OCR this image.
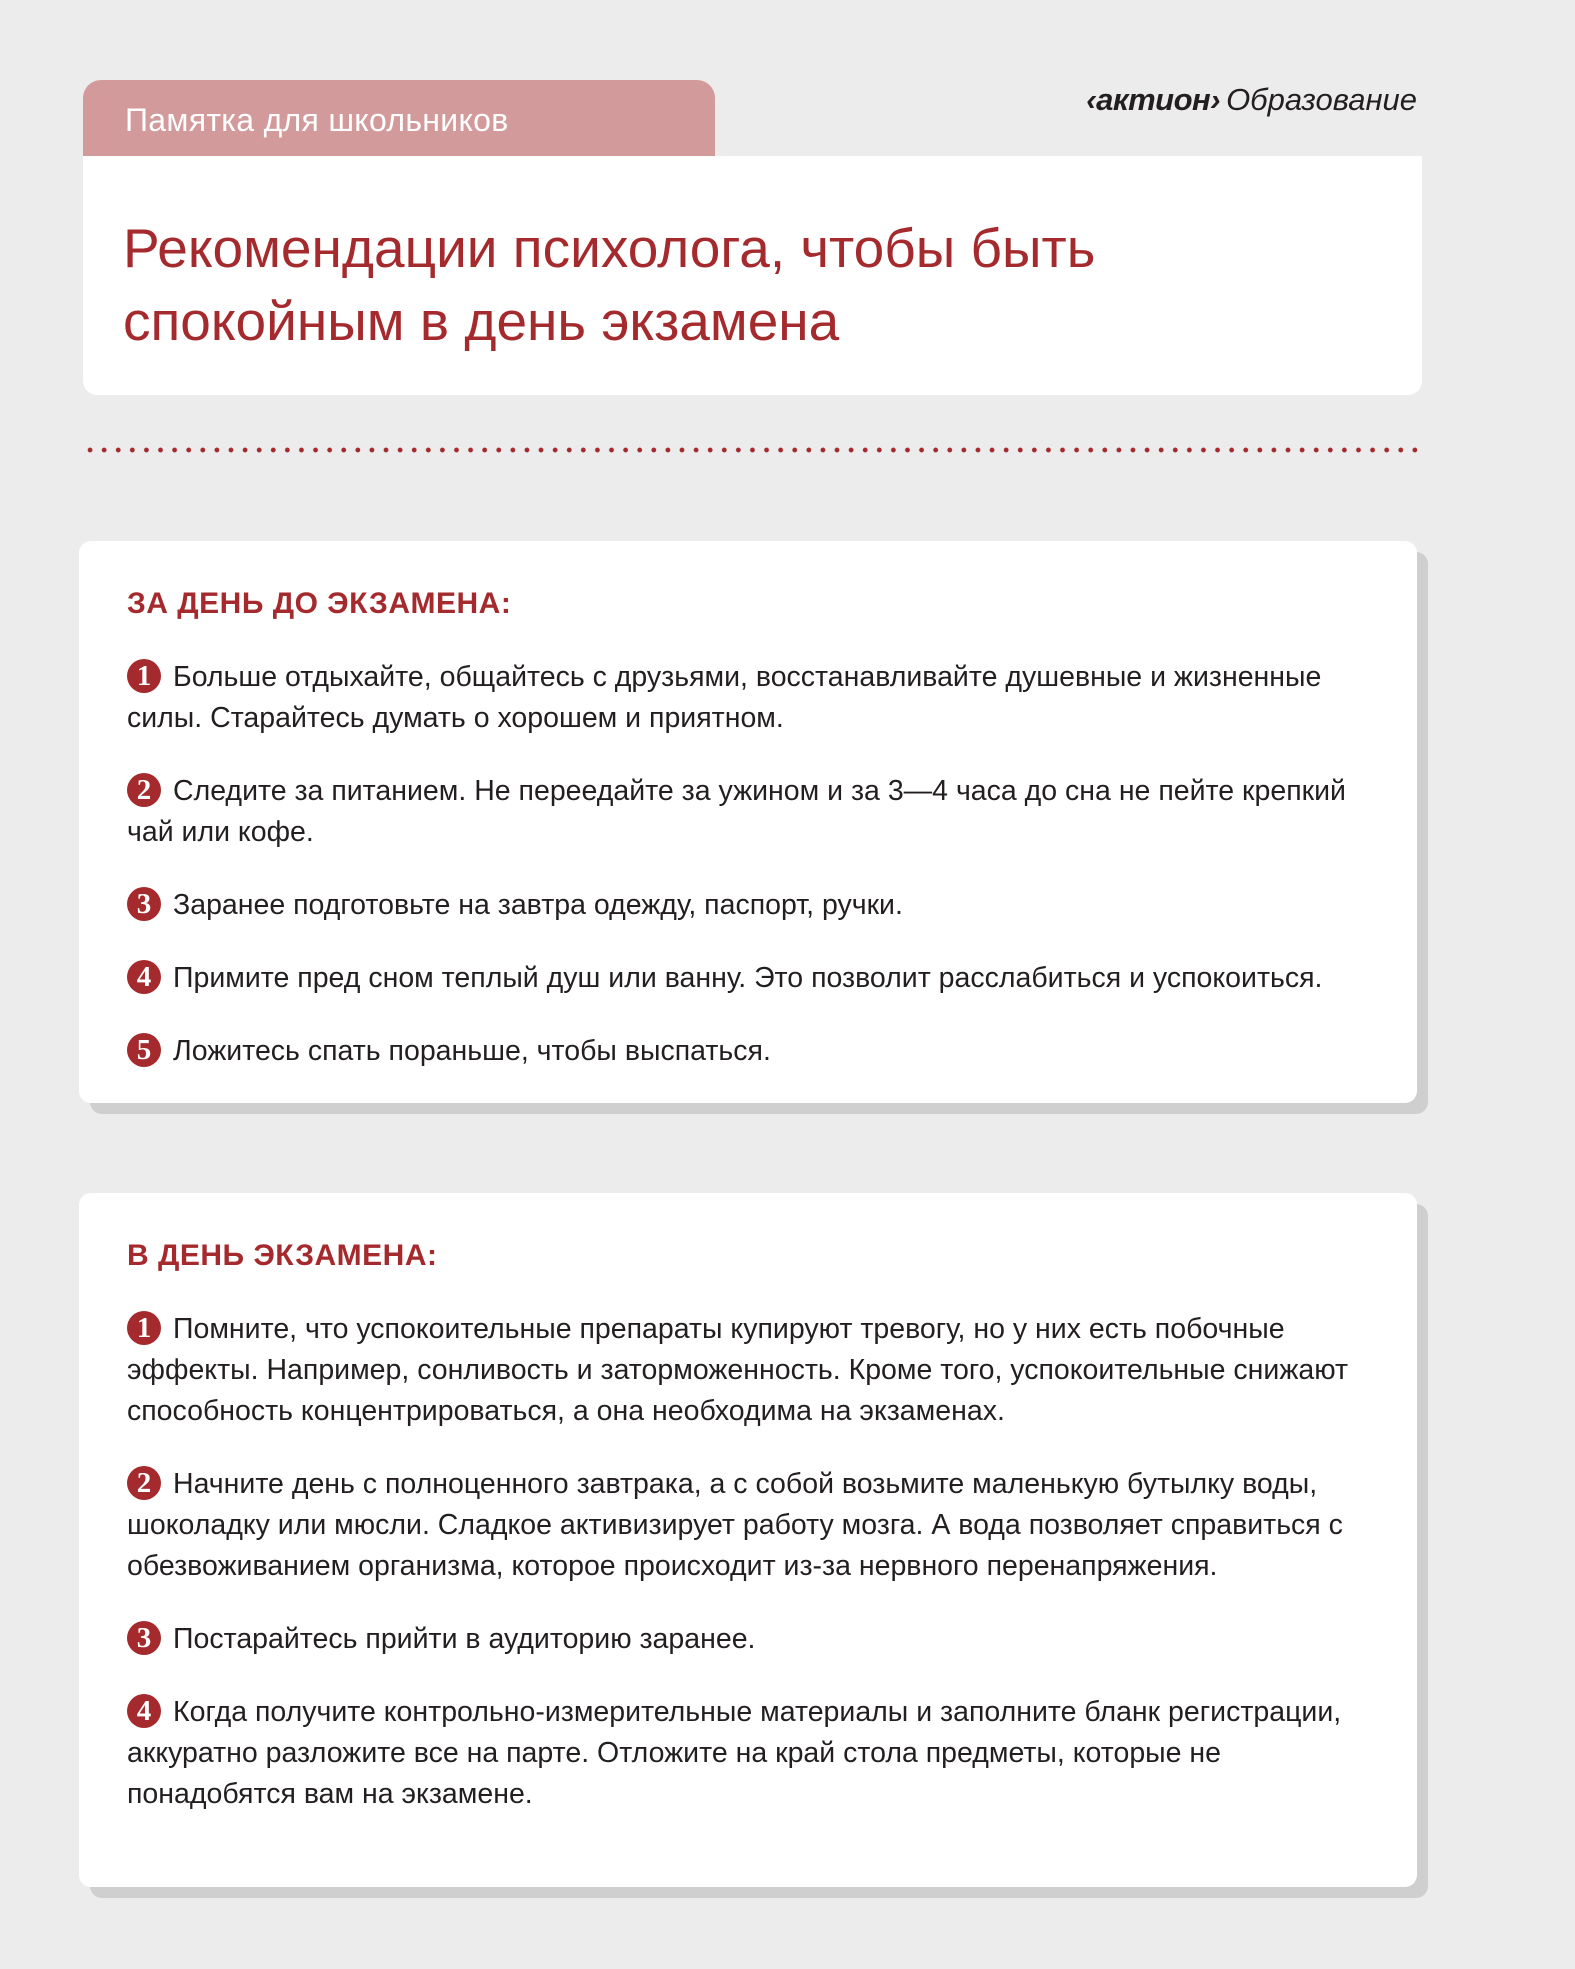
Памятка для школьников
‹актион› Образование
Рекомендации психолога, чтобы быть спокойным в день экзамена
ЗА ДЕНЬ ДО ЭКЗАМЕНА:
1 Больше отдыхайте, общайтесь с друзьями, восстанавливайте душевные и жизненные силы. Старайтесь думать о хорошем и приятном.
2 Следите за питанием. Не переедайте за ужином и за 3—4 часа до сна не пейте крепкий чай или кофе.
3 Заранее подготовьте на завтра одежду, паспорт, ручки.
4 Примите пред сном теплый душ или ванну. Это позволит расслабиться и успокоиться.
5 Ложитесь спать пораньше, чтобы выспаться.
В ДЕНЬ ЭКЗАМЕНА:
1 Помните, что успокоительные препараты купируют тревогу, но у них есть побочные эффекты. Например, сонливость и заторможенность. Кроме того, успокоительные снижают способность концентрироваться, а она необходима на экзаменах.
2 Начните день с полноценного завтрака, а с собой возьмите маленькую бутылку воды, шоколадку или мюсли. Сладкое активизирует работу мозга. А вода позволяет справиться с обезвоживанием организма, которое происходит из-за нервного перенапряжения.
3 Постарайтесь прийти в аудиторию заранее.
4 Когда получите контрольно-измерительные материалы и заполните бланк регистрации, аккуратно разложите все на парте. Отложите на край стола предметы, которые не понадобятся вам на экзамене.
